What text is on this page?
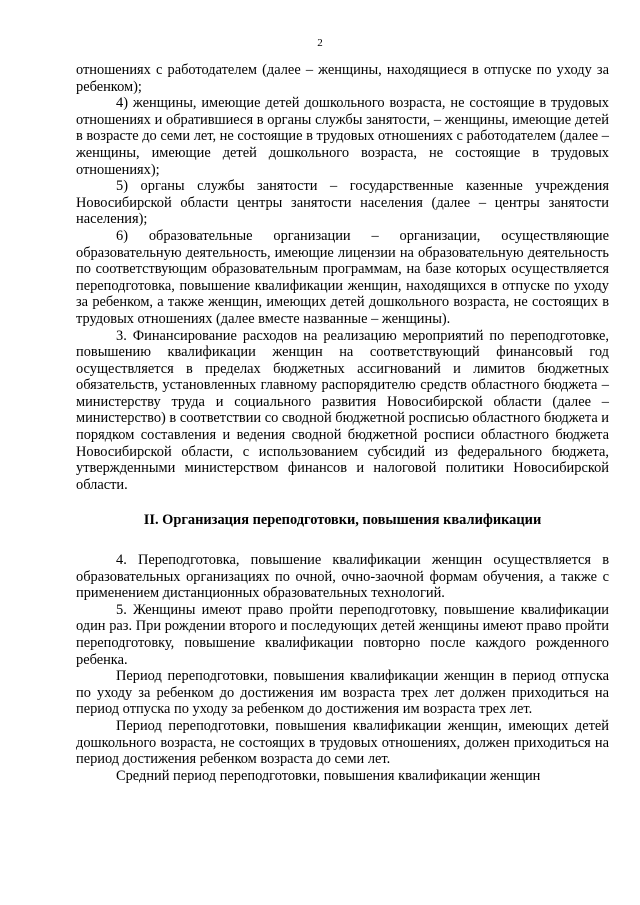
2

отношениях с работодателем (далее – женщины, находящиеся в отпуске по уходу за ребенком);

4) женщины, имеющие детей дошкольного возраста, не состоящие в трудовых отношениях и обратившиеся в органы службы занятости, – женщины, имеющие детей в возрасте до семи лет, не состоящие в трудовых отношениях с работодателем (далее – женщины, имеющие детей дошкольного возраста, не состоящие в трудовых отношениях);

5) органы службы занятости – государственные казенные учреждения Новосибирской области центры занятости населения (далее – центры занятости населения);

6) образовательные организации – организации, осуществляющие образовательную деятельность, имеющие лицензии на образовательную деятельность по соответствующим образовательным программам, на базе которых осуществляется переподготовка, повышение квалификации женщин, находящихся в отпуске по уходу за ребенком, а также женщин, имеющих детей дошкольного возраста, не состоящих в трудовых отношениях (далее вместе названные – женщины).

3. Финансирование расходов на реализацию мероприятий по переподготовке, повышению квалификации женщин на соответствующий финансовый год осуществляется в пределах бюджетных ассигнований и лимитов бюджетных обязательств, установленных главному распорядителю средств областного бюджета – министерству труда и социального развития Новосибирской области (далее – министерство) в соответствии со сводной бюджетной росписью областного бюджета и порядком составления и ведения сводной бюджетной росписи областного бюджета Новосибирской области, с использованием субсидий из федерального бюджета, утвержденными министерством финансов и налоговой политики Новосибирской области.

II. Организация переподготовки, повышения квалификации

4. Переподготовка, повышение квалификации женщин осуществляется в образовательных организациях по очной, очно-заочной формам обучения, а также с применением дистанционных образовательных технологий.

5. Женщины имеют право пройти переподготовку, повышение квалификации один раз. При рождении второго и последующих детей женщины имеют право пройти переподготовку, повышение квалификации повторно после каждого рожденного ребенка.

Период переподготовки, повышения квалификации женщин в период отпуска по уходу за ребенком до достижения им возраста трех лет должен приходиться на период отпуска по уходу за ребенком до достижения им возраста трех лет.

Период переподготовки, повышения квалификации женщин, имеющих детей дошкольного возраста, не состоящих в трудовых отношениях, должен приходиться на период достижения ребенком возраста до семи лет.

Средний период переподготовки, повышения квалификации женщин
